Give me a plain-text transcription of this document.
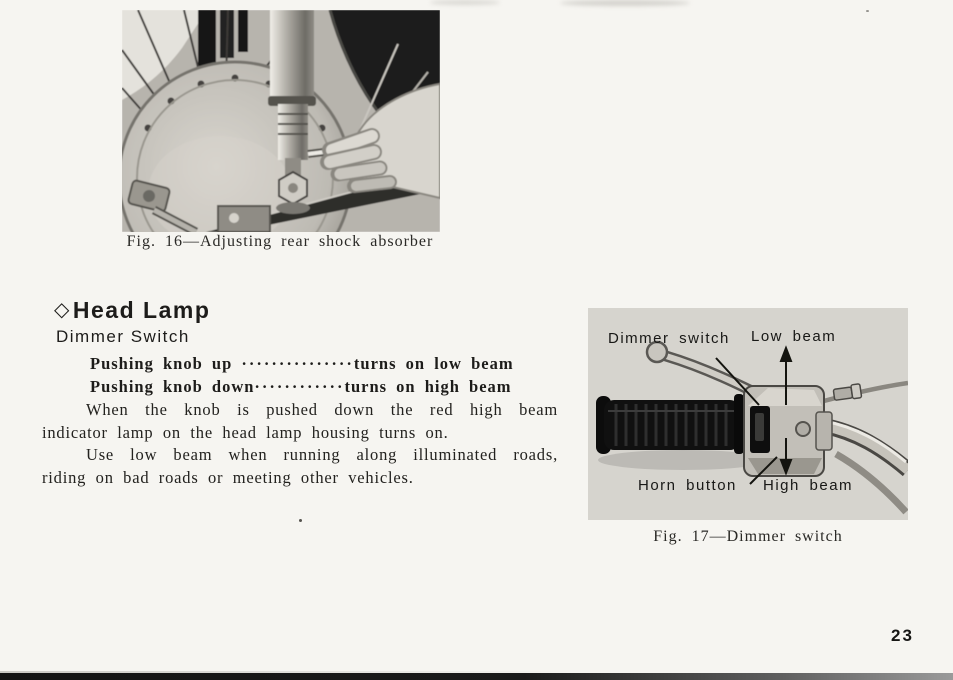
Fig. 16—Adjusting rear shock absorber
◇ Head Lamp
Dimmer Switch
Pushing knob up ···············turns on low beam
Pushing knob down············turns on high beam

When the knob is pushed down the red high beam indicator lamp on the head lamp housing turns on.

Use low beam when running along illuminated roads, riding on bad roads or meeting other vehicles.

Dimmer switch Low beam
Horn button High beam
Fig. 17—Dimmer switch
23
